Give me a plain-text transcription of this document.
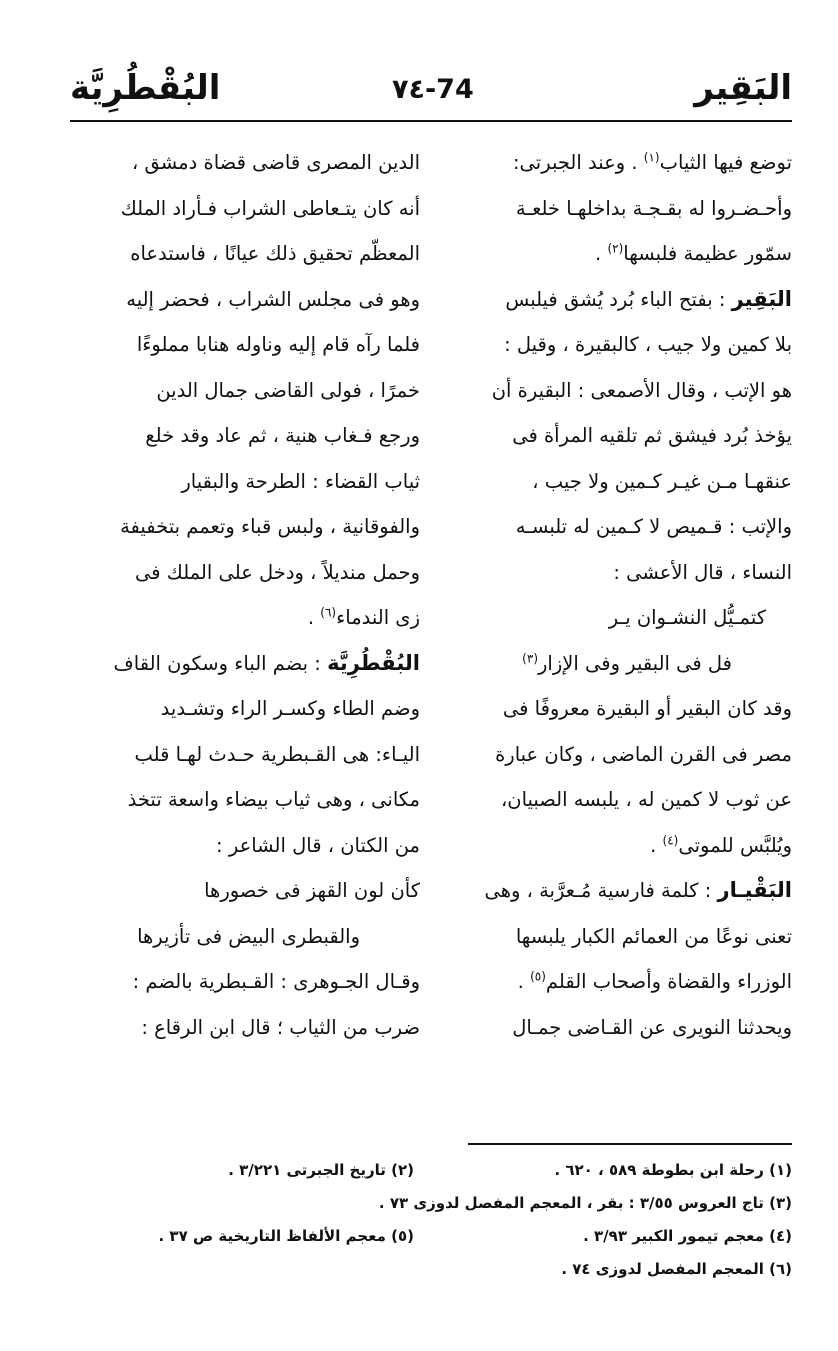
البَقِير
٧٤-74
البُقْطُرِيَّة
توضع فيها الثياب$^{(١)}$ . وعند الجبرتى:
وأحـضـروا له بقـجـة بداخلهـا خلعـة
سمّور عظيمة فلبسها$^{(٢)}$ .
البَقِير : بفتح الباء بُرد يُشق فيلبس
بلا كمين ولا جيب ، كالبقيرة ، وقيل :
هو الإتب ، وقال الأصمعى : البقيرة أن
يؤخذ بُرد فيشق ثم تلقيه المرأة فى
عنقهـا مـن غيـر كـمين ولا جيب ،
والإتب : قـميص لا كـمين له تلبسـه
النساء ، قال الأعشى :
كتمـيُّل النشـوان يـر
فل فى البقير وفى الإزار$^{(٣)}$
وقد كان البقير أو البقيرة معروفًا فى
مصر فى القرن الماضى ، وكان عبارة
عن ثوب لا كمين له ، يلبسه الصبيان،
ويُلبَّس للموتى$^{(٤)}$ .
البَقْيـار : كلمة فارسية مُـعرَّبة ، وهى
تعنى نوعًا من العمائم الكبار يلبسها
الوزراء والقضاة وأصحاب القلم$^{(٥)}$ .
ويحدثنا النويرى عن القـاضى جمـال
الدين المصرى قاضى قضاة دمشق ،
أنه كان يتـعاطى الشراب فـأراد الملك
المعظّم تحقيق ذلك عيانًا ، فاستدعاه
وهو فى مجلس الشراب ، فحضر إليه
فلما رآه قام إليه وناوله هنابا مملوءًا
خمرًا ، فولى القاضى جمال الدين
ورجع فـغاب هنية ، ثم عاد وقد خلع
ثياب القضاء : الطرحة والبقيار
والفوقانية ، ولبس قباء وتعمم بتخفيفة
وحمل منديلاً ، ودخل على الملك فى
زى الندماء$^{(٦)}$ .
البُقْطُرِيَّة : بضم الباء وسكون القاف
وضم الطاء وكسـر الراء وتشـديد
اليـاء: هى القـبطرية حـدث لهـا قلب
مكانى ، وهى ثياب بيضاء واسعة تتخذ
من الكتان ، قال الشاعر :
كأن لون القهز فى خصورها
والقبطرى البيض فى تأزيرها
وقـال الجـوهرى : القـبطرية بالضم :
ضرب من الثياب ؛ قال ابن الرقاع :
(١) رحلة ابن بطوطة ٥٨٩ ، ٦٢٠ .
(٢) تاريخ الجبرتى ٣/٢٢١ .
(٣) تاج العروس ٣/٥٥ : بقر ، المعجم المفصل لدوزى ٧٣ .
(٤) معجم تيمور الكبير ٣/٩٣ .
(٥) معجم الألفاظ التاريخية ص ٣٧ .
(٦) المعجم المفصل لدوزى ٧٤ .
